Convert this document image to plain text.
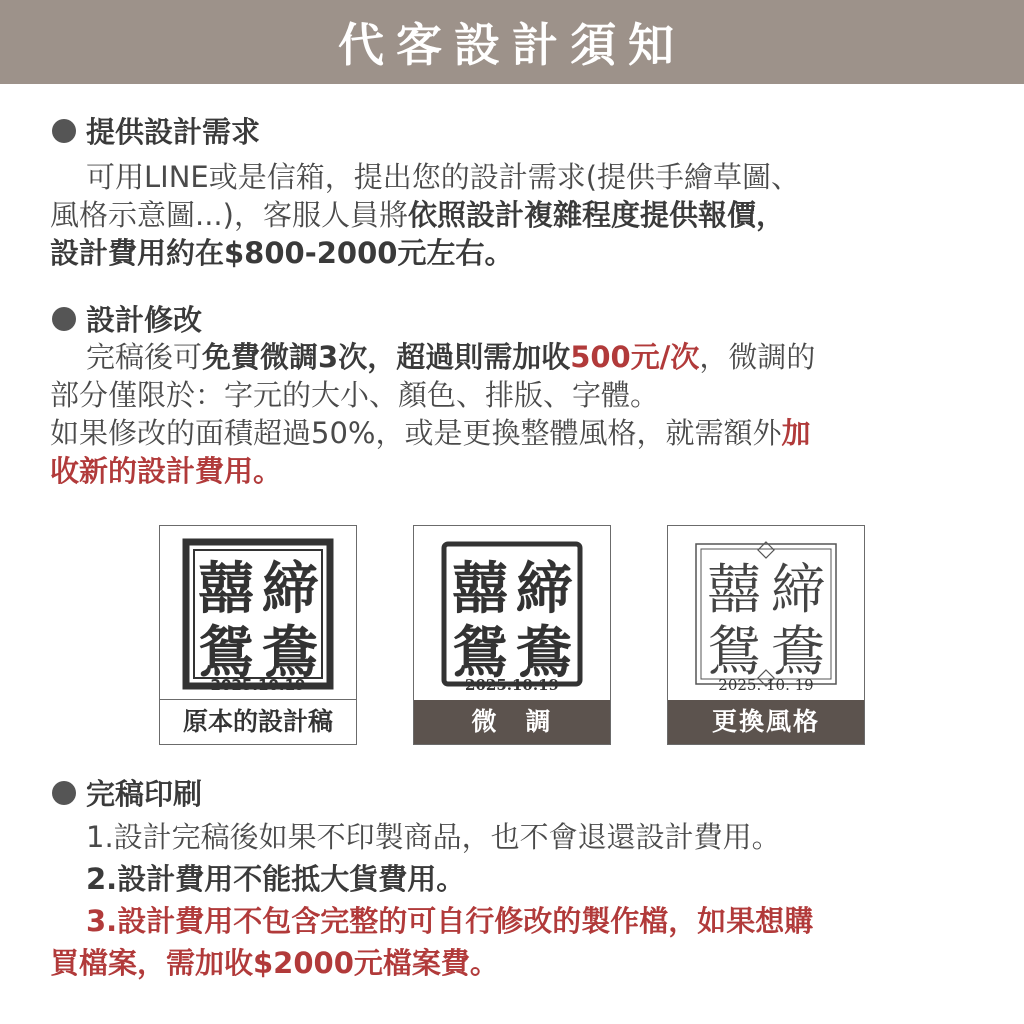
代客設計須知
提供設計需求
可用LINE或是信箱，提出您的設計需求(提供手繪草圖、
風格示意圖...)，客服人員將依照設計複雜程度提供報價，
設計費用約在$800-2000元左右。
設計修改
完稿後可免費微調3次，超過則需加收500元/次，微調的
部分僅限於：字元的大小、顏色、排版、字體。
如果修改的面積超過50%，或是更換整體風格，就需額外加
收新的設計費用。
囍 締
鴛 鴦
2025.10.19
原本的設計稿
囍 締
鴛 鴦
2025.10.19
微　調
囍 締
鴛 鴦
2025. 10. 19
更換風格
完稿印刷
1.設計完稿後如果不印製商品，也不會退還設計費用。
2.設計費用不能抵大貨費用。
3.設計費用不包含完整的可自行修改的製作檔，如果想購
買檔案，需加收$2000元檔案費。
